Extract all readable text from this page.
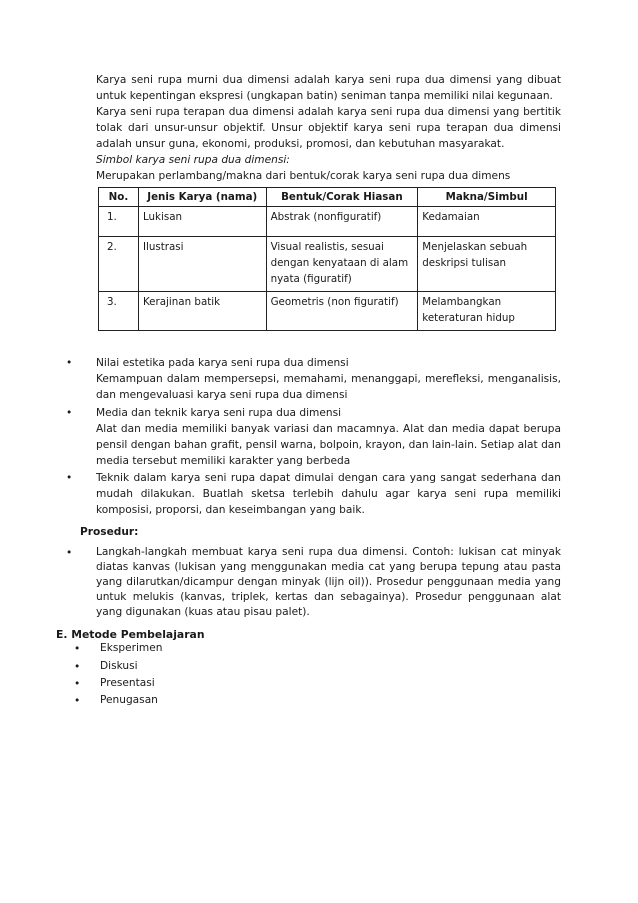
Karya seni rupa murni dua dimensi adalah karya seni rupa dua dimensi yang dibuat untuk kepentingan ekspresi (ungkapan batin) seniman tanpa memiliki nilai kegunaan.

Karya seni rupa terapan dua dimensi adalah karya seni rupa dua dimensi yang bertitik tolak dari unsur-unsur objektif. Unsur objektif karya seni rupa terapan dua dimensi adalah unsur guna, ekonomi, produksi, promosi, dan kebutuhan masyarakat.

Simbol karya seni rupa dua dimensi:

Merupakan perlambang/makna dari bentuk/corak karya seni rupa dua dimens

No.	Jenis Karya (nama)	Bentuk/Corak Hiasan	Makna/Simbul
1.	Lukisan	Abstrak (nonfiguratif)	Kedamaian
2.	Ilustrasi	Visual realistis, sesuai dengan kenyataan di alam nyata (figuratif)	Menjelaskan sebuah deskripsi tulisan
3.	Kerajinan batik	Geometris (non figuratif)	Melambangkan keteraturan hidup
• Nilai estetika pada karya seni rupa dua dimensi

Kemampuan dalam mempersepsi, memahami, menanggapi, merefleksi, menganalisis, dan mengevaluasi karya seni rupa dua dimensi

• Media dan teknik karya seni rupa dua dimensi

Alat dan media memiliki banyak variasi dan macamnya. Alat dan media dapat berupa pensil dengan bahan grafit, pensil warna, bolpoin, krayon, dan lain-lain. Setiap alat dan media tersebut memiliki karakter yang berbeda

• Teknik dalam karya seni rupa dapat dimulai dengan cara yang sangat sederhana dan mudah dilakukan. Buatlah sketsa terlebih dahulu agar karya seni rupa memiliki komposisi, proporsi, dan keseimbangan yang baik.

Prosedur:

• Langkah-langkah membuat karya seni rupa dua dimensi. Contoh: lukisan cat minyak diatas kanvas (lukisan yang menggunakan media cat yang berupa tepung atau pasta yang dilarutkan/dicampur dengan minyak (lijn oil)). Prosedur penggunaan media yang untuk melukis (kanvas, triplek, kertas dan sebagainya). Prosedur penggunaan alat yang digunakan (kuas atau pisau palet).

E. Metode Pembelajaran
• Eksperimen
• Diskusi
• Presentasi
• Penugasan
